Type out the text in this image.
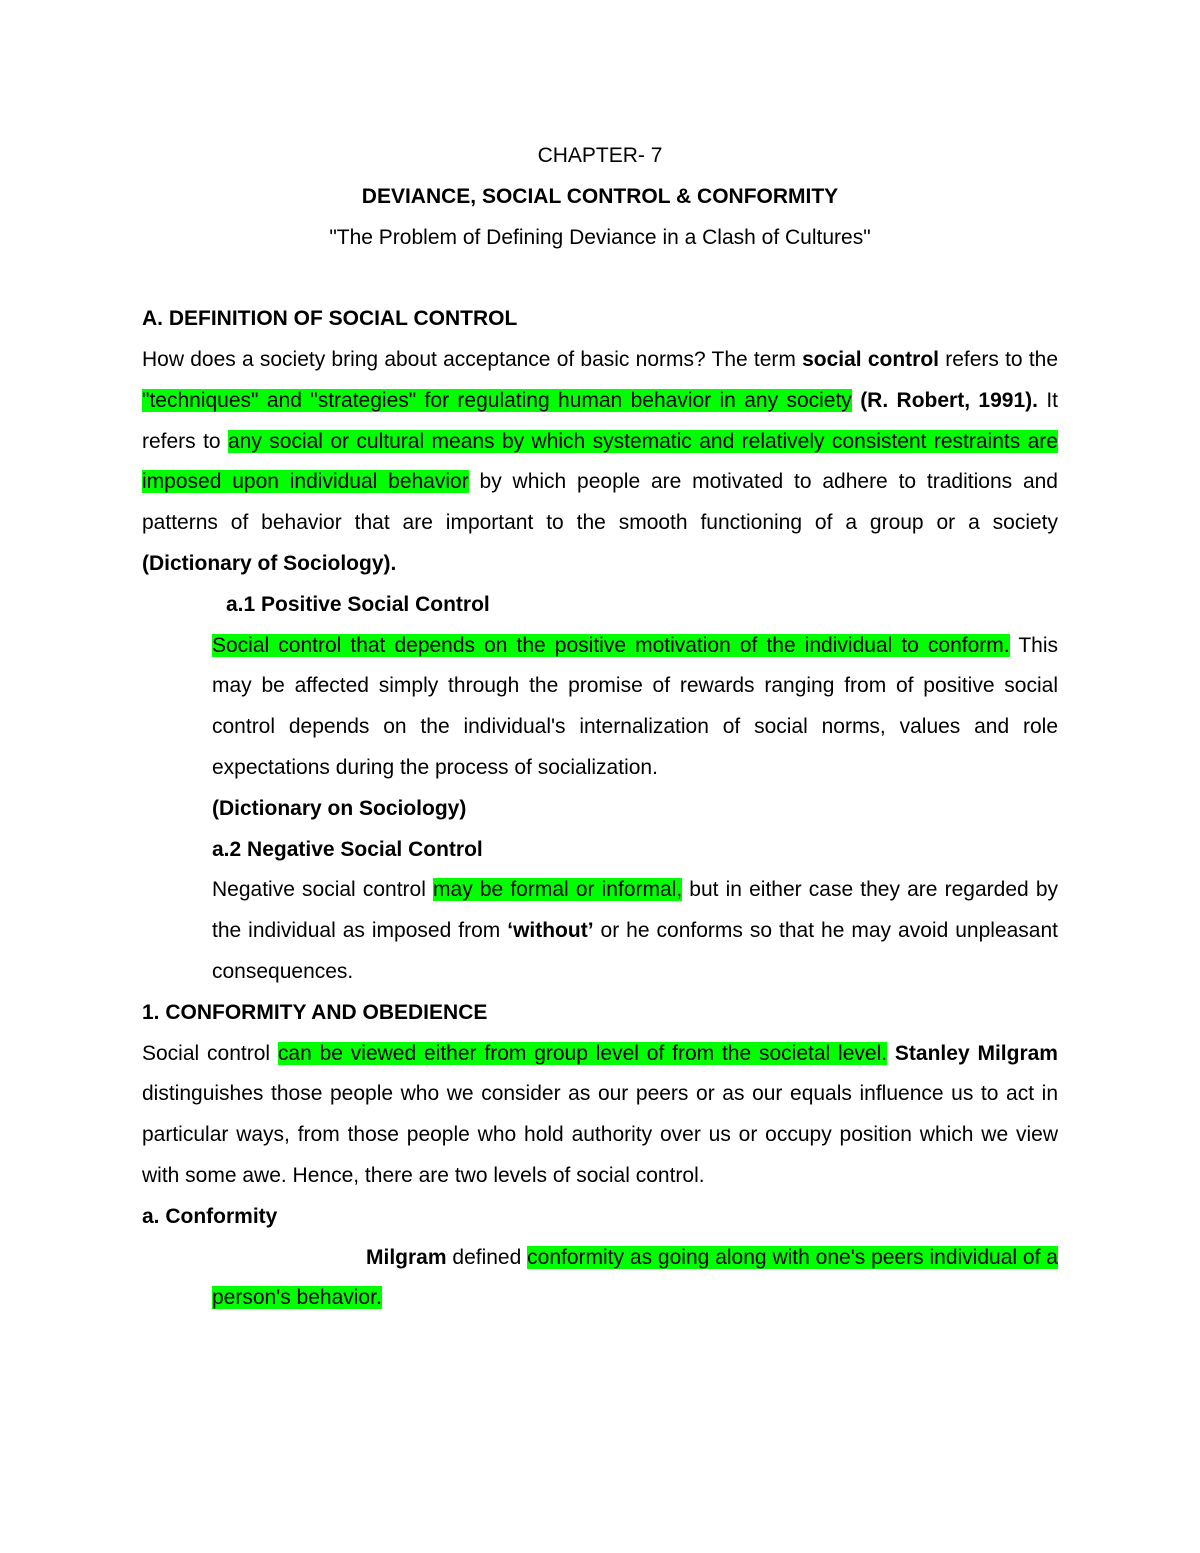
CHAPTER- 7

DEVIANCE, SOCIAL CONTROL & CONFORMITY

"The Problem of Defining Deviance in a Clash of Cultures"

A. DEFINITION OF SOCIAL CONTROL

How does a society bring about acceptance of basic norms? The term social control refers to the "techniques" and "strategies" for regulating human behavior in any society (R. Robert, 1991). It refers to any social or cultural means by which systematic and relatively consistent restraints are imposed upon individual behavior by which people are motivated to adhere to traditions and patterns of behavior that are important to the smooth functioning of a group or a society (Dictionary of Sociology).

a.1 Positive Social Control

Social control that depends on the positive motivation of the individual to conform. This may be affected simply through the promise of rewards ranging from of positive social control depends on the individual's internalization of social norms, values and role expectations during the process of socialization.

(Dictionary on Sociology)

a.2 Negative Social Control

Negative social control may be formal or informal, but in either case they are regarded by the individual as imposed from ‘without’ or he conforms so that he may avoid unpleasant consequences.

1. CONFORMITY AND OBEDIENCE

Social control can be viewed either from group level of from the societal level. Stanley Milgram distinguishes those people who we consider as our peers or as our equals influence us to act in particular ways, from those people who hold authority over us or occupy position which we view with some awe. Hence, there are two levels of social control.

a. Conformity

Milgram defined conformity as going along with one's peers individual of a person's behavior.
